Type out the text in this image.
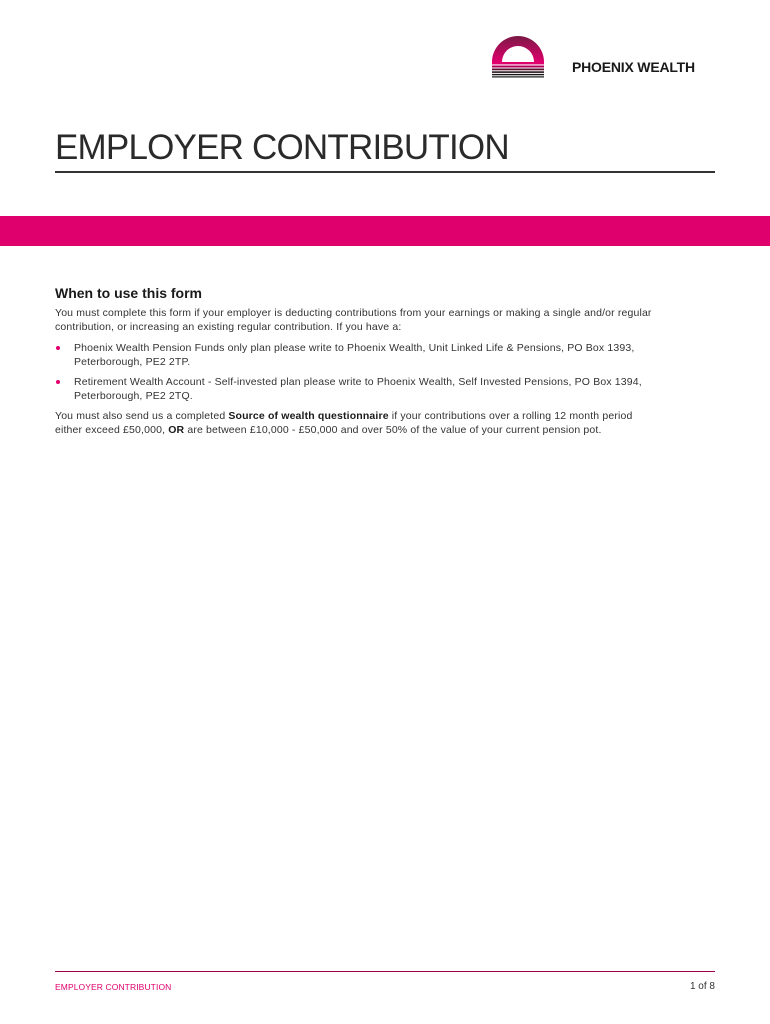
PHOENIX WEALTH
EMPLOYER CONTRIBUTION
When to use this form

You must complete this form if your employer is deducting contributions from your earnings or making a single and/or regular
contribution, or increasing an existing regular contribution. If you have a:

Phoenix Wealth Pension Funds only plan please write to Phoenix Wealth, Unit Linked Life & Pensions, PO Box 1393,
Peterborough, PE2 2TP.
Retirement Wealth Account - Self-invested plan please write to Phoenix Wealth, Self Invested Pensions, PO Box 1394,
Peterborough, PE2 2TQ.

You must also send us a completed Source of wealth questionnaire if your contributions over a rolling 12 month period
either exceed £50,000, OR are between £10,000 - £50,000 and over 50% of the value of your current pension pot.

EMPLOYER CONTRIBUTION	1 of 8
